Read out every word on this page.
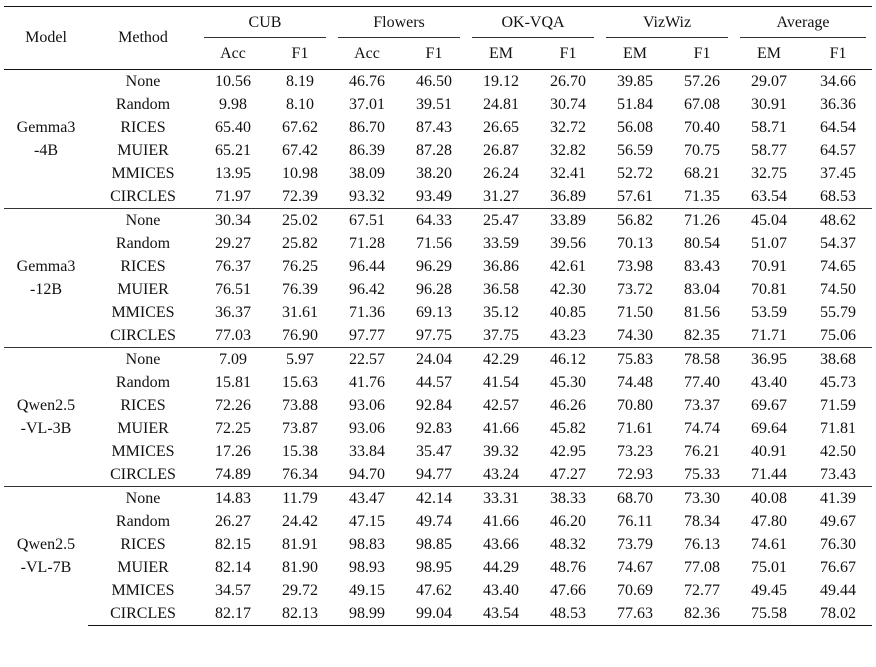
Model	Method	CUB		Flowers		OK-VQA		VizWiz		Average	
		Acc	F1	Acc	F1	EM	F1	EM	F1	EM	F1

Gemma3
-4B	None	10.56	8.19	46.76	46.50	19.12	26.70	39.85	57.26	29.07	34.66
	Random	9.98	8.10	37.01	39.51	24.81	30.74	51.84	67.08	30.91	36.36
	RICES	65.40	67.62	86.70	87.43	26.65	32.72	56.08	70.40	58.71	64.54
	MUIER	65.21	67.42	86.39	87.28	26.87	32.82	56.59	70.75	58.77	64.57
	MMICES	13.95	10.98	38.09	38.20	26.24	32.41	52.72	68.21	32.75	37.45
	CIRCLES	71.97	72.39	93.32	93.49	31.27	36.89	57.61	71.35	63.54	68.53

Gemma3
-12B	None	30.34	25.02	67.51	64.33	25.47	33.89	56.82	71.26	45.04	48.62
	Random	29.27	25.82	71.28	71.56	33.59	39.56	70.13	80.54	51.07	54.37
	RICES	76.37	76.25	96.44	96.29	36.86	42.61	73.98	83.43	70.91	74.65
	MUIER	76.51	76.39	96.42	96.28	36.58	42.30	73.72	83.04	70.81	74.50
	MMICES	36.37	31.61	71.36	69.13	35.12	40.85	71.50	81.56	53.59	55.79
	CIRCLES	77.03	76.90	97.77	97.75	37.75	43.23	74.30	82.35	71.71	75.06

Qwen2.5
-VL-3B	None	7.09	5.97	22.57	24.04	42.29	46.12	75.83	78.58	36.95	38.68
	Random	15.81	15.63	41.76	44.57	41.54	45.30	74.48	77.40	43.40	45.73
	RICES	72.26	73.88	93.06	92.84	42.57	46.26	70.80	73.37	69.67	71.59
	MUIER	72.25	73.87	93.06	92.83	41.66	45.82	71.61	74.74	69.64	71.81
	MMICES	17.26	15.38	33.84	35.47	39.32	42.95	73.23	76.21	40.91	42.50
	CIRCLES	74.89	76.34	94.70	94.77	43.24	47.27	72.93	75.33	71.44	73.43

Qwen2.5
-VL-7B	None	14.83	11.79	43.47	42.14	33.31	38.33	68.70	73.30	40.08	41.39
	Random	26.27	24.42	47.15	49.74	41.66	46.20	76.11	78.34	47.80	49.67
	RICES	82.15	81.91	98.83	98.85	43.66	48.32	73.79	76.13	74.61	76.30
	MUIER	82.14	81.90	98.93	98.95	44.29	48.76	74.67	77.08	75.01	76.67
	MMICES	34.57	29.72	49.15	47.62	43.40	47.66	70.69	72.77	49.45	49.44
	CIRCLES	82.17	82.13	98.99	99.04	43.54	48.53	77.63	82.36	75.58	78.02
